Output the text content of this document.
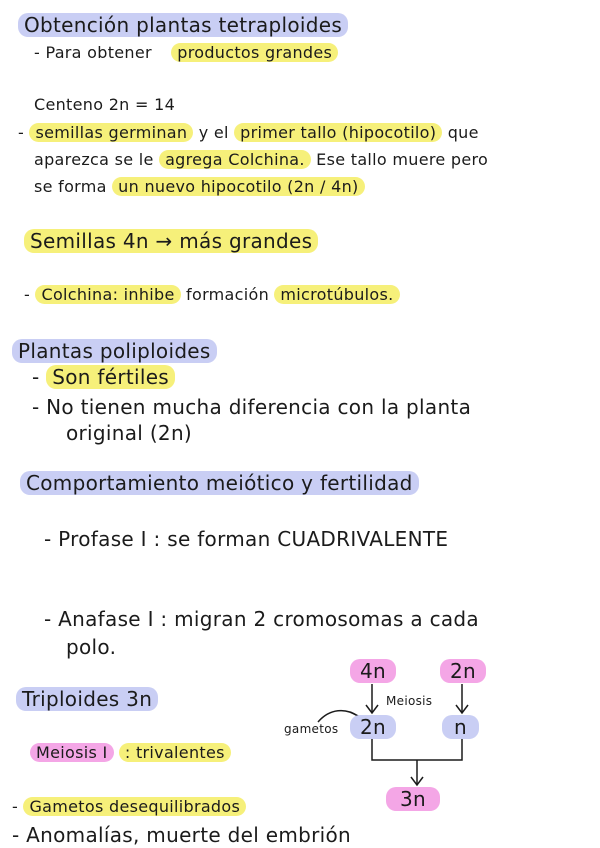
Obtención plantas tetraploides
- Para obtener productos grandes
Centeno 2n = 14
- semillas germinan y el primer tallo (hipocotilo) que
aparezca se le agrega Colchina. Ese tallo muere pero
se forma un nuevo hipocotilo (2n / 4n)
Semillas 4n → más grandes
- Colchina: inhibe formación microtúbulos.
Plantas poliploides
- Son fértiles
- No tienen mucha diferencia con la planta
original (2n)
Comportamiento meiótico y fertilidad
- Profase I : se forman CUADRIVALENTE
- Anafase I : migran 2 cromosomas a cada
polo.
Triploides 3n
Meiosis I : trivalentes
- Gametos desequilibrados
- Anomalías, muerte del embrión
4n	2n
Meiosis
gametos	2n	n
3n
